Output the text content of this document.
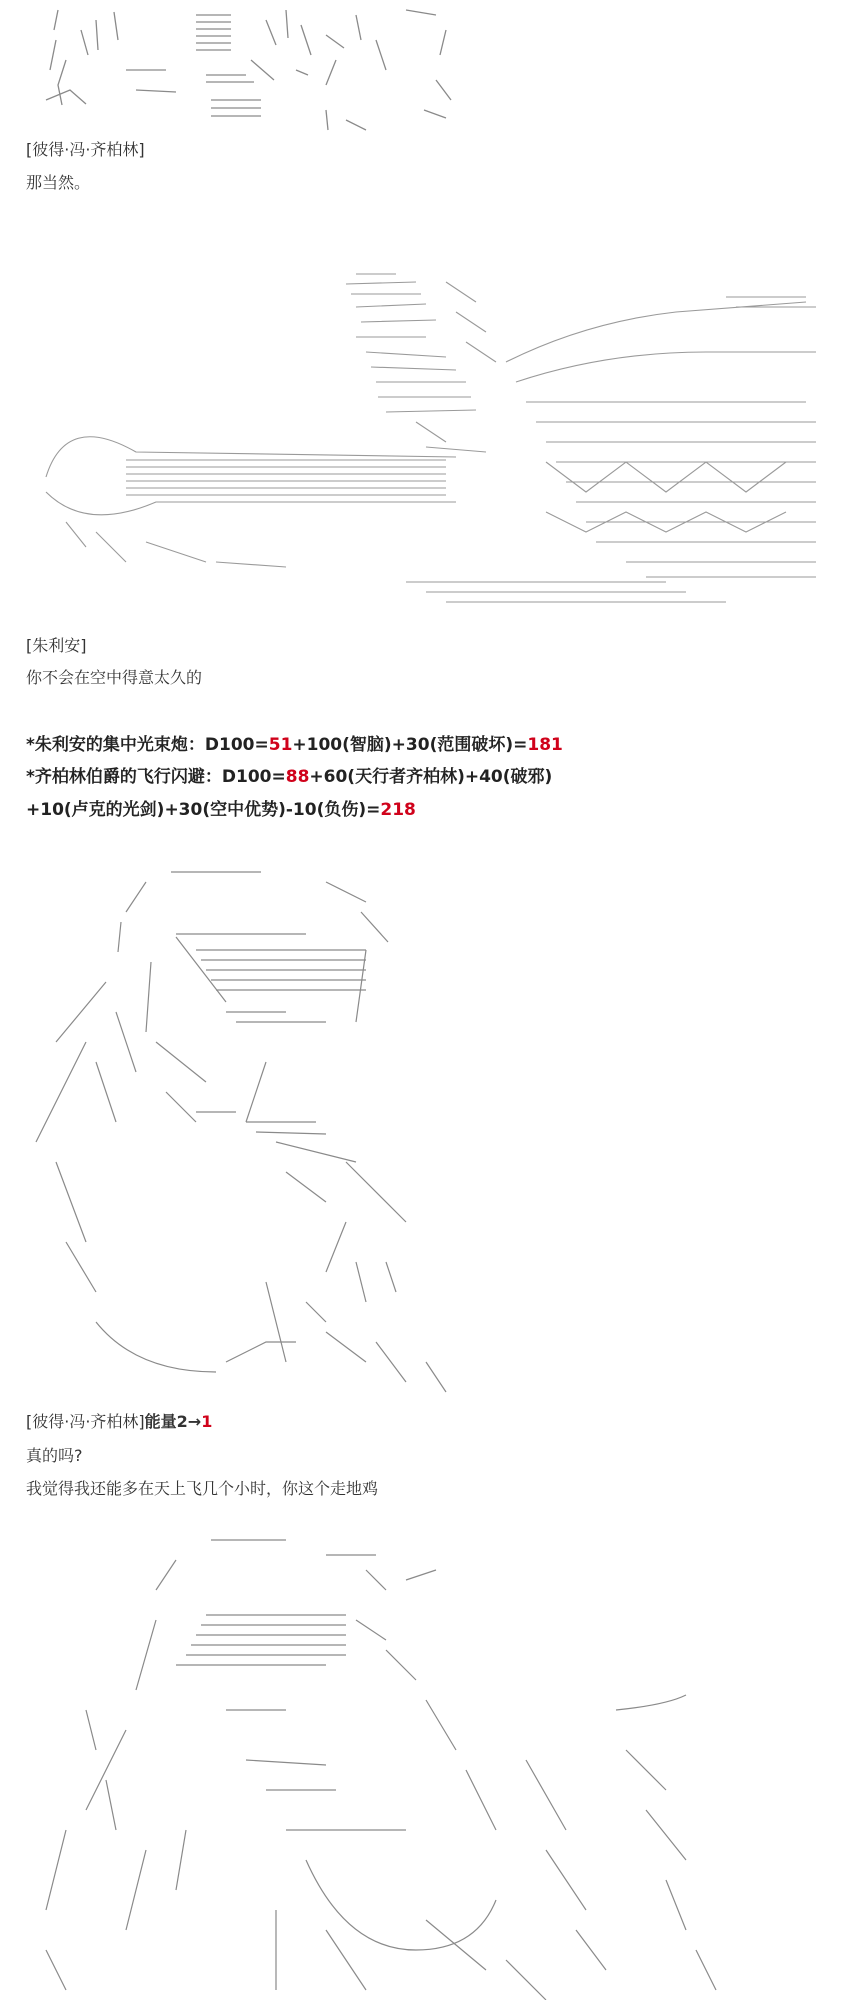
[彼得·冯·齐柏林]
那当然。
[朱利安]
你不会在空中得意太久的
*朱利安的集中光束炮：D100=51+100(智脑)+30(范围破坏)=181
*齐柏林伯爵的飞行闪避：D100=88+60(天行者齐柏林)+40(破邪)
+10(卢克的光剑)+30(空中优势)-10(负伤)=218
[彼得·冯·齐柏林]能量2→1
真的吗?
我觉得我还能多在天上飞几个小时，你这个走地鸡
